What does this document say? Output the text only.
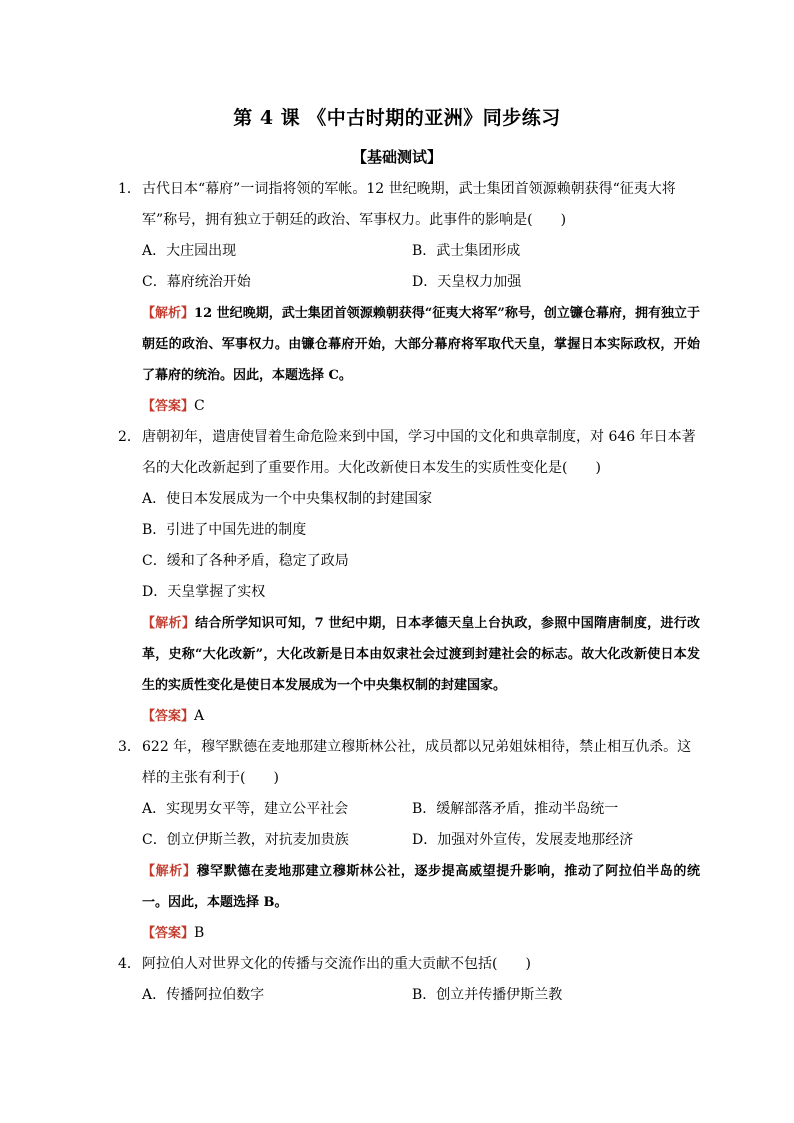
第 4 课 《中古时期的亚洲》同步练习
【基础测试】

1． 古代日本“幕府”一词指将领的军帐。12 世纪晚期，武士集团首领源赖朝获得“征夷大将军”称号，拥有独立于朝廷的政治、军事权力。此事件的影响是(　　)

A．大庄园出现	B．武士集团形成
C．幕府统治开始	D．天皇权力加强

【解析】12 世纪晚期，武士集团首领源赖朝获得“征夷大将军”称号，创立镰仓幕府，拥有独立于朝廷的政治、军事权力。由镰仓幕府开始，大部分幕府将军取代天皇，掌握日本实际政权，开始了幕府的统治。因此，本题选择 C。

【答案】C

2． 唐朝初年，遣唐使冒着生命危险来到中国，学习中国的文化和典章制度，对 646 年日本著名的大化改新起到了重要作用。大化改新使日本发生的实质性变化是(　　)

A．使日本发展成为一个中央集权制的封建国家
B．引进了中国先进的制度
C．缓和了各种矛盾，稳定了政局
D．天皇掌握了实权

【解析】结合所学知识可知，7 世纪中期，日本孝德天皇上台执政，参照中国隋唐制度，进行改革，史称“大化改新”，大化改新是日本由奴隶社会过渡到封建社会的标志。故大化改新使日本发生的实质性变化是使日本发展成为一个中央集权制的封建国家。

【答案】A

3． 622 年，穆罕默德在麦地那建立穆斯林公社，成员都以兄弟姐妹相待，禁止相互仇杀。这样的主张有利于(　　)

A．实现男女平等，建立公平社会	B．缓解部落矛盾，推动半岛统一
C．创立伊斯兰教，对抗麦加贵族	D．加强对外宣传，发展麦地那经济

【解析】穆罕默德在麦地那建立穆斯林公社，逐步提高威望提升影响，推动了阿拉伯半岛的统一。因此，本题选择 B。

【答案】B

4． 阿拉伯人对世界文化的传播与交流作出的重大贡献不包括(　　)

A．传播阿拉伯数字	B．创立并传播伊斯兰教
